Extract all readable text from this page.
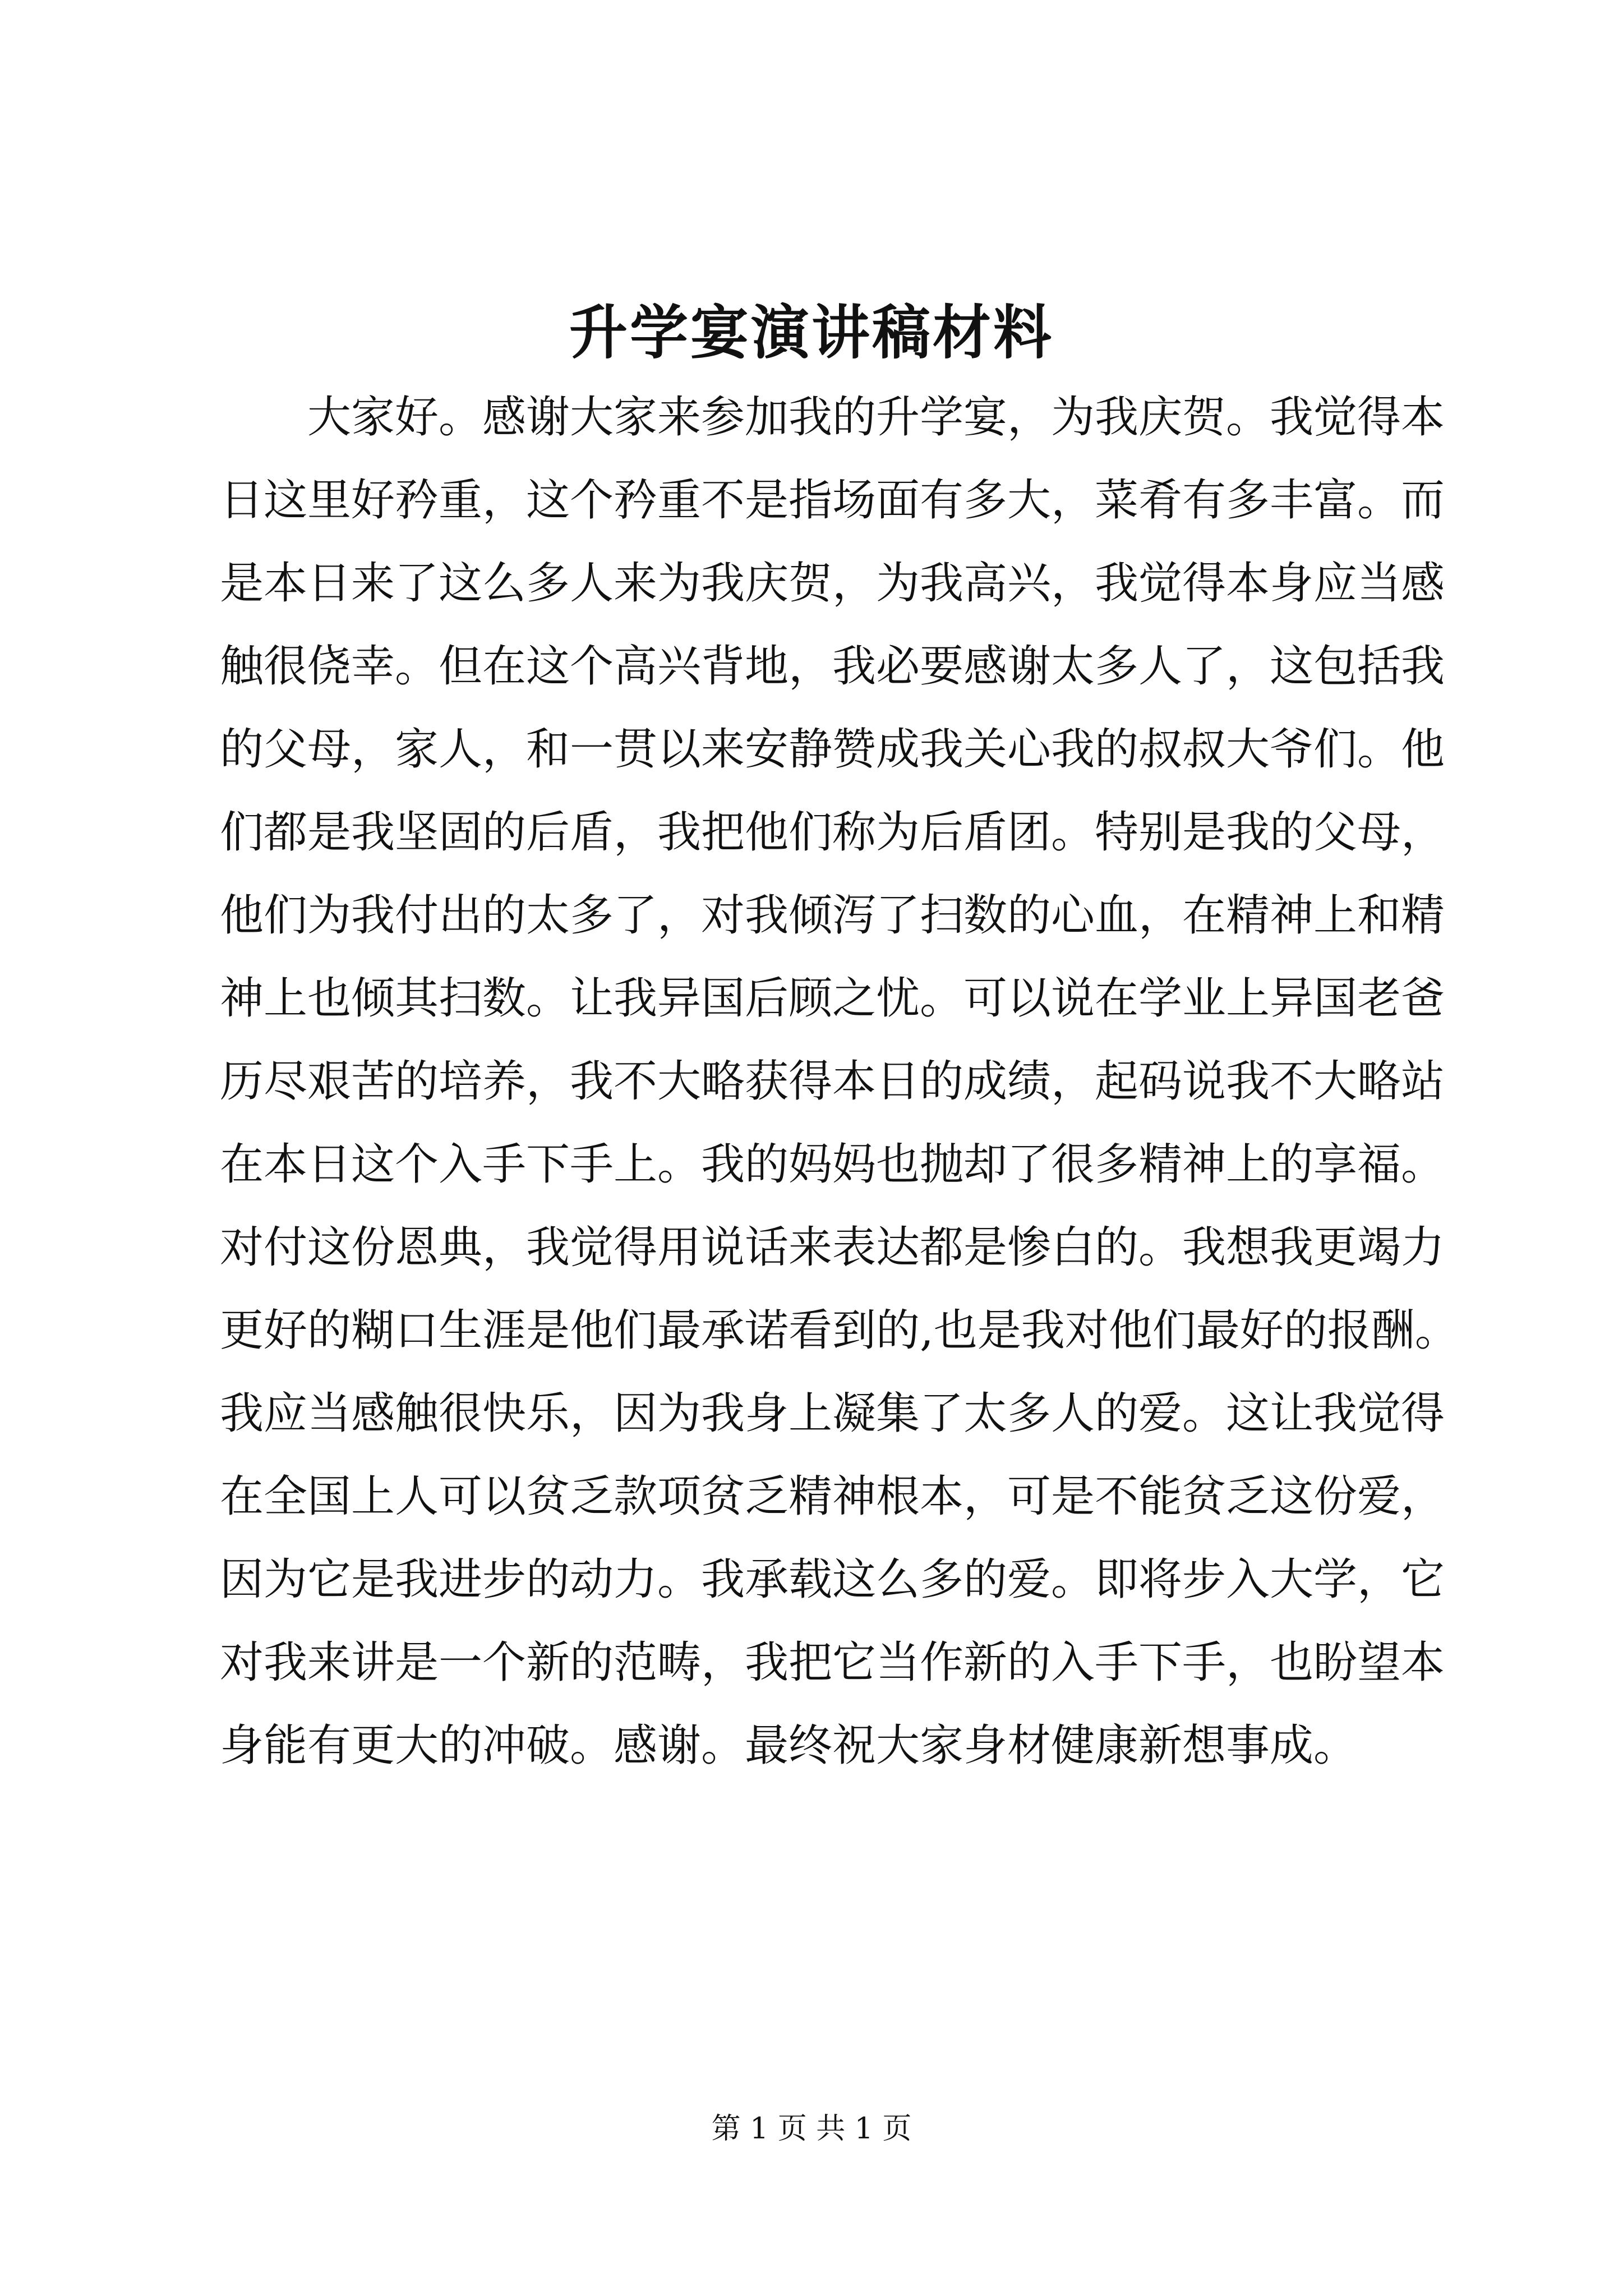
升学宴演讲稿材料
大家好。感谢大家来参加我的升学宴，为我庆贺。我觉得本
日这里好矜重，这个矜重不是指场面有多大，菜肴有多丰富。而
是本日来了这么多人来为我庆贺，为我高兴，我觉得本身应当感
触很侥幸。但在这个高兴背地，我必要感谢太多人了，这包括我
的父母，家人，和一贯以来安静赞成我关心我的叔叔大爷们。他
们都是我坚固的后盾，我把他们称为后盾团。特别是我的父母，
他们为我付出的太多了，对我倾泻了扫数的心血，在精神上和精
神上也倾其扫数。让我异国后顾之忧。可以说在学业上异国老爸
历尽艰苦的培养，我不大略获得本日的成绩，起码说我不大略站
在本日这个入手下手上。我的妈妈也抛却了很多精神上的享福。
对付这份恩典，我觉得用说话来表达都是惨白的。我想我更竭力
更好的糊口生涯是他们最承诺看到的,也是我对他们最好的报酬。
我应当感触很快乐，因为我身上凝集了太多人的爱。这让我觉得
在全国上人可以贫乏款项贫乏精神根本，可是不能贫乏这份爱，
因为它是我进步的动力。我承载这么多的爱。即将步入大学，它
对我来讲是一个新的范畴，我把它当作新的入手下手，也盼望本
身能有更大的冲破。感谢。最终祝大家身材健康新想事成。
第 1 页 共 1 页
